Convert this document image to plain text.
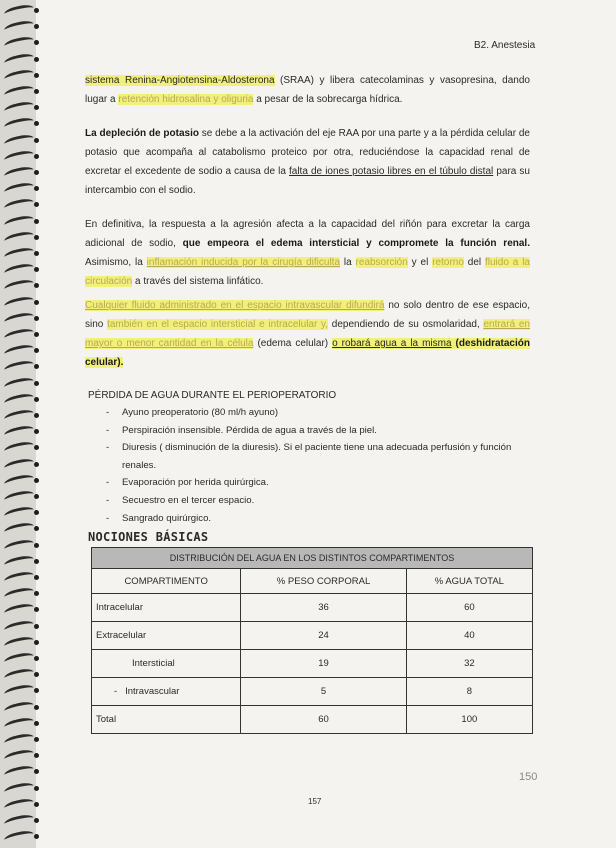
B2. Anestesia
sistema Renina-Angiotensina-Aldosterona (SRAA) y libera catecolaminas y vasopresina, dando lugar a retención hidrosalina y oliguria a pesar de la sobrecarga hídrica.
La depleción de potasio se debe a la activación del eje RAA por una parte y a la pérdida celular de potasio que acompaña al catabolismo proteico por otra, reduciéndose la capacidad renal de excretar el excedente de sodio a causa de la falta de iones potasio libres en el túbulo distal para su intercambio con el sodio.
En definitiva, la respuesta a la agresión afecta a la capacidad del riñón para excretar la carga adicional de sodio, que empeora el edema intersticial y compromete la función renal. Asimismo, la inflamación inducida por la cirugía dificulta la reabsorción y el retorno del fluido a la circulación a través del sistema linfático.
Cualquier fluido administrado en el espacio intravascular difundirá no solo dentro de ese espacio, sino también en el espacio intersticial e intracelular y, dependiendo de su osmolaridad, entrará en mayor o menor cantidad en la célula (edema celular) o robará agua a la misma (deshidratación celular).
PÉRDIDA DE AGUA DURANTE EL PERIOPERATORIO
- Ayuno preoperatorio (80 ml/h ayuno)
- Perspiración insensible. Pérdida de agua a través de la piel.
- Diuresis ( disminución de la diuresis). Si el paciente tiene una adecuada perfusión y función renales.
- Evaporación por herida quirúrgica.
- Secuestro en el tercer espacio.
- Sangrado quirúrgico.
NOCIONES BÁSICAS
DISTRIBUCIÓN DEL AGUA EN LOS DISTINTOS COMPARTIMENTOS		
COMPARTIMENTO	% PESO CORPORAL	% AGUA TOTAL
Intracelular	36	60
Extracelular	24	40
Intersticial	19	32
-   Intravascular	5	8
Total	60	100
150
157
